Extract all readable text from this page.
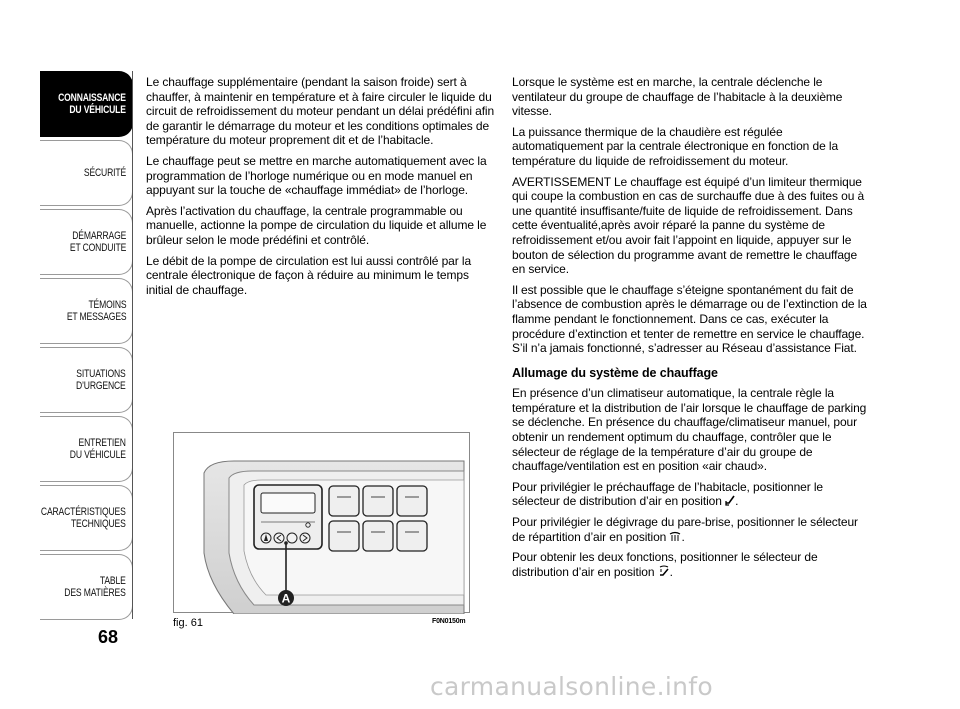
CONNAISSANCE
DU VÉHICULE
SÉCURITÉ
DÉMARRAGE
ET CONDUITE
TÉMOINS
ET MESSAGES
SITUATIONS
D’URGENCE
ENTRETIEN
DU VÉHICULE
CARACTÉRISTIQUES
TECHNIQUES
TABLE
DES MATIÈRES
68

Le chauffage supplémentaire (pendant la saison froide) sert à chauffer, à maintenir en température et à faire circuler le liquide du circuit de refroidissement du moteur pendant un délai prédéfini afin de garantir le démarrage du moteur et les conditions optimales de température du moteur proprement dit et de l’habitacle.

Le chauffage peut se mettre en marche automatiquement avec la programmation de l’horloge numérique ou en mode manuel en appuyant sur la touche de «chauffage immédiat» de l’horloge.

Après l’activation du chauffage, la centrale programmable ou manuelle, actionne la pompe de circulation du liquide et allume le brûleur selon le mode prédéfini et contrôlé.

Le débit de la pompe de circulation est lui aussi contrôlé par la centrale électronique de façon à réduire au minimum le temps initial de chauffage.

Lorsque le système est en marche, la centrale déclenche le ventilateur du groupe de chauffage de l’habitacle à la deuxième vitesse.

La puissance thermique de la chaudière est régulée automatiquement par la centrale électronique en fonction de la température du liquide de refroidissement du moteur.

AVERTISSEMENT Le chauffage est équipé d’un limiteur thermique qui coupe la combustion en cas de surchauffe due à des fuites ou à une quantité insuffisante/fuite de liquide de refroidissement. Dans cette éventualité,après avoir réparé la panne du système de refroidissement et/ou avoir fait l’appoint en liquide, appuyer sur le bouton de sélection du programme avant de remettre le chauffage en service.

Il est possible que le chauffage s’éteigne spontanément du fait de l’absence de combustion après le démarrage ou de l’extinction de la flamme pendant le fonctionnement. Dans ce cas, exécuter la procédure d’extinction et tenter de remettre en service le chauffage. S’il n’a jamais fonctionné, s’adresser au Réseau d’assistance Fiat.

Allumage du système de chauffage

En présence d’un climatiseur automatique, la centrale règle la température et la distribution de l’air lorsque le chauffage de parking se déclenche. En présence du chauffage/climatiseur manuel, pour obtenir un rendement optimum du chauffage, contrôler que le sélecteur de réglage de la température d’air du groupe de chauffage/ventilation est en position «air chaud».

Pour privilégier le préchauffage de l’habitacle, positionner le sélecteur de distribution d’air en position .

Pour privilégier le dégivrage du pare-brise, positionner le sélecteur de répartition d’air en position .

Pour obtenir les deux fonctions, positionner le sélecteur de distribution d’air en position .

A
fig. 61	F0N0150m
carmanualsonline.info
